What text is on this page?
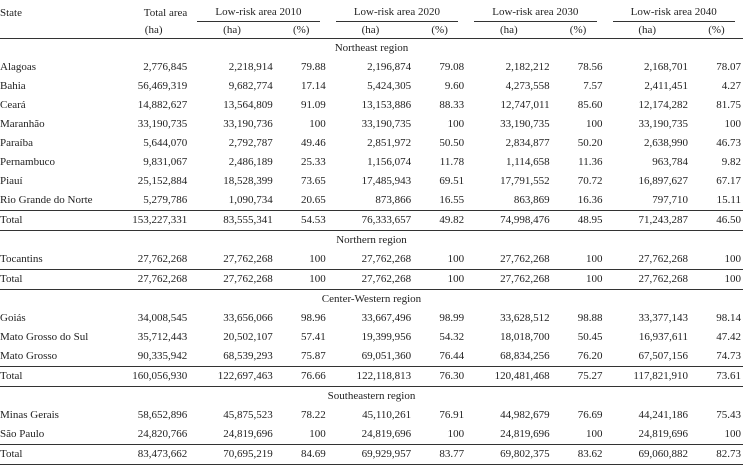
State	Total area	Low-risk area 2010		Low-risk area 2020		Low-risk area 2030		Low-risk area 2040	

	(ha)	(ha)	(%)	(ha)	(%)	(ha)	(%)	(ha)	(%)
Northeast region									
Alagoas	2,776,845	2,218,914	79.88	2,196,874	79.08	2,182,212	78.56	2,168,701	78.07
Bahia	56,469,319	9,682,774	17.14	5,424,305	9.60	4,273,558	7.57	2,411,451	4.27
Ceará	14,882,627	13,564,809	91.09	13,153,886	88.33	12,747,011	85.60	12,174,282	81.75
Maranhão	33,190,735	33,190,736	100	33,190,735	100	33,190,735	100	33,190,735	100
Paraíba	5,644,070	2,792,787	49.46	2,851,972	50.50	2,834,877	50.20	2,638,990	46.73
Pernambuco	9,831,067	2,486,189	25.33	1,156,074	11.78	1,114,658	11.36	963,784	9.82
Piauí	25,152,884	18,528,399	73.65	17,485,943	69.51	17,791,552	70.72	16,897,627	67.17
Rio Grande do Norte	5,279,786	1,090,734	20.65	873,866	16.55	863,869	16.36	797,710	15.11
Total	153,227,331	83,555,341	54.53	76,333,657	49.82	74,998,476	48.95	71,243,287	46.50
Northern region									
Tocantins	27,762,268	27,762,268	100	27,762,268	100	27,762,268	100	27,762,268	100
Total	27,762,268	27,762,268	100	27,762,268	100	27,762,268	100	27,762,268	100
Center-Western region									
Goiás	34,008,545	33,656,066	98.96	33,667,496	98.99	33,628,512	98.88	33,377,143	98.14
Mato Grosso do Sul	35,712,443	20,502,107	57.41	19,399,956	54.32	18,018,700	50.45	16,937,611	47.42
Mato Grosso	90,335,942	68,539,293	75.87	69,051,360	76.44	68,834,256	76.20	67,507,156	74.73
Total	160,056,930	122,697,463	76.66	122,118,813	76.30	120,481,468	75.27	117,821,910	73.61
Southeastern region									
Minas Gerais	58,652,896	45,875,523	78.22	45,110,261	76.91	44,982,679	76.69	44,241,186	75.43
São Paulo	24,820,766	24,819,696	100	24,819,696	100	24,819,696	100	24,819,696	100
Total	83,473,662	70,695,219	84.69	69,929,957	83.77	69,802,375	83.62	69,060,882	82.73
